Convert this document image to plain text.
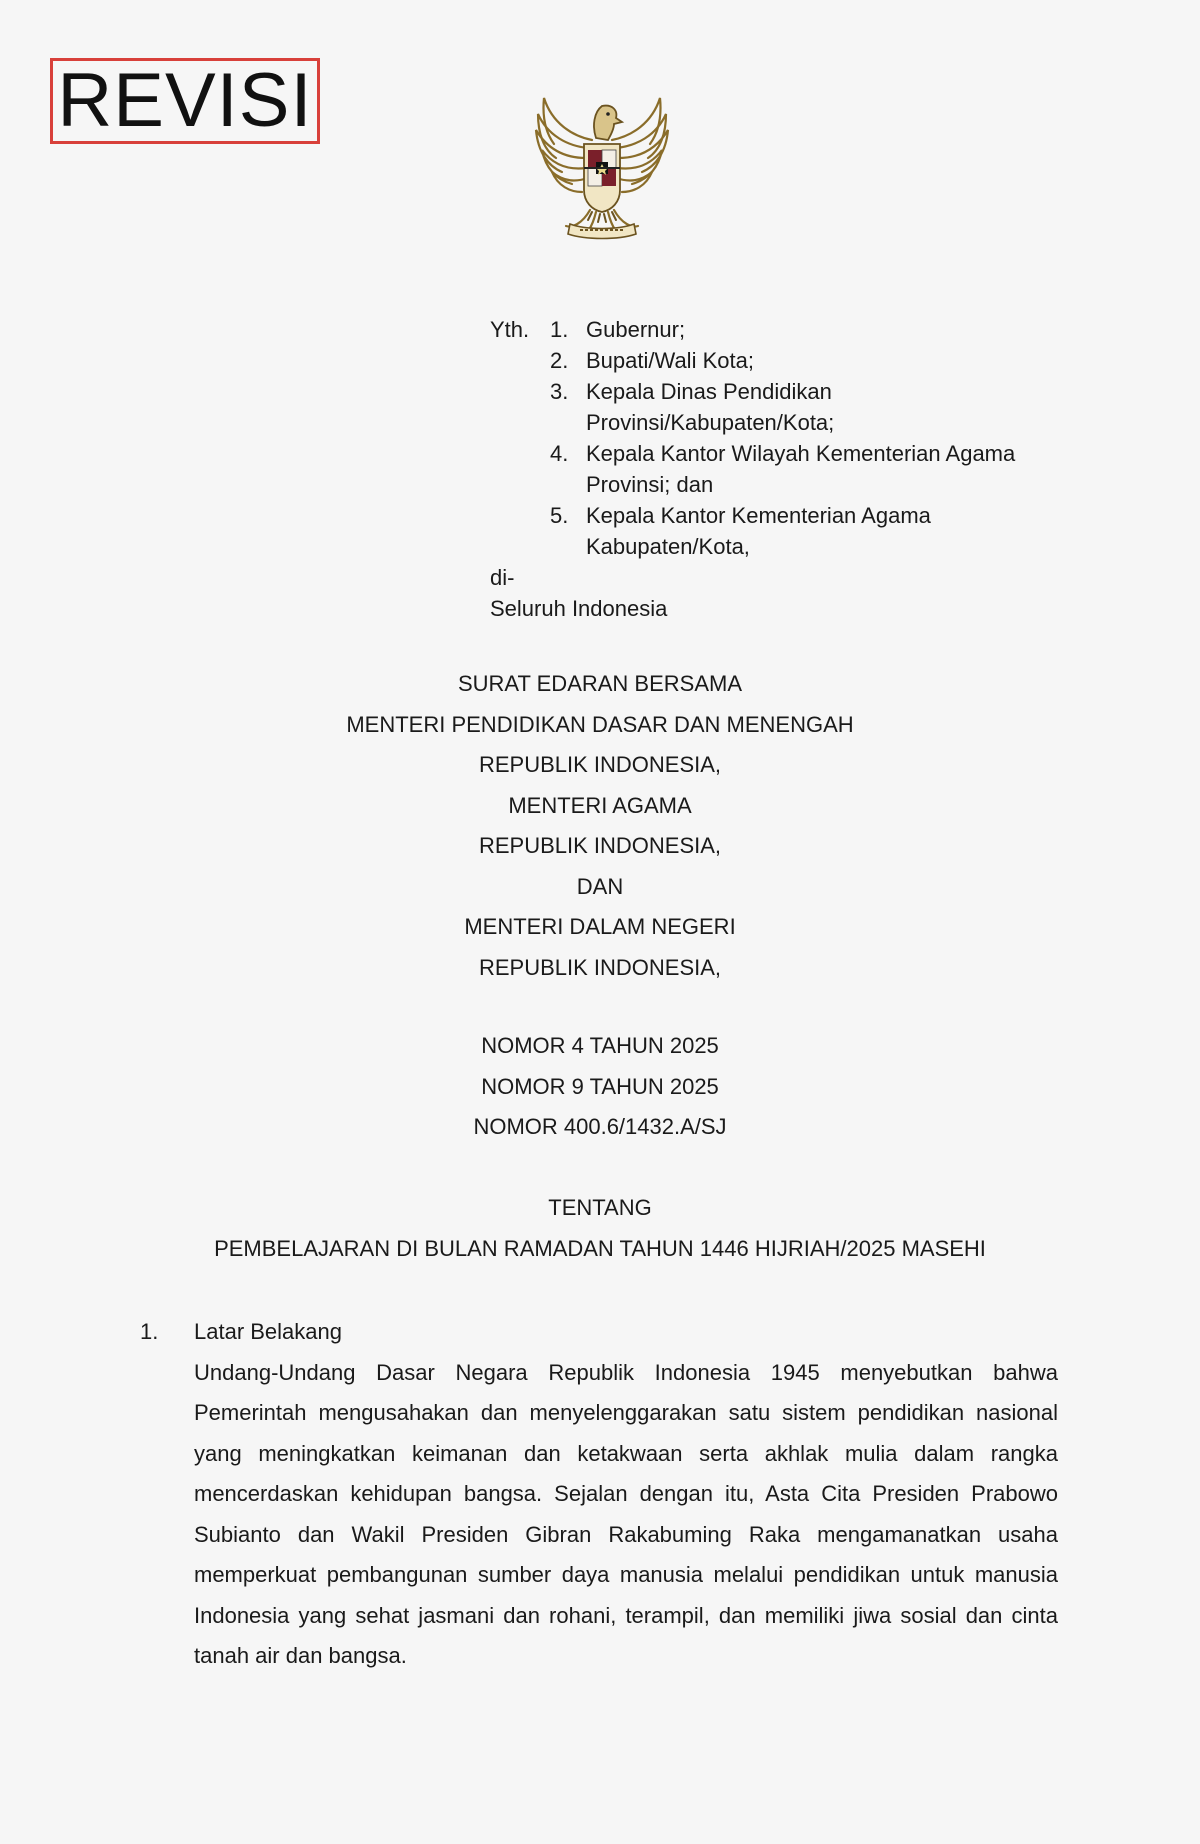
REVISI
Yth. 1. Gubernur;
2. Bupati/Wali Kota;
3. Kepala Dinas Pendidikan
Provinsi/Kabupaten/Kota;
4. Kepala Kantor Wilayah Kementerian Agama
Provinsi; dan
5. Kepala Kantor Kementerian Agama
Kabupaten/Kota,
di-
Seluruh Indonesia

SURAT EDARAN BERSAMA

MENTERI PENDIDIKAN DASAR DAN MENENGAH

REPUBLIK INDONESIA,

MENTERI AGAMA

REPUBLIK INDONESIA,

DAN

MENTERI DALAM NEGERI

REPUBLIK INDONESIA,

NOMOR 4 TAHUN 2025

NOMOR 9 TAHUN 2025

NOMOR 400.6/1432.A/SJ

TENTANG

PEMBELAJARAN DI BULAN RAMADAN TAHUN 1446 HIJRIAH/2025 MASEHI

1. Latar Belakang

Undang-Undang Dasar Negara Republik Indonesia 1945 menyebutkan bahwa Pemerintah mengusahakan dan menyelenggarakan satu sistem pendidikan nasional yang meningkatkan keimanan dan ketakwaan serta akhlak mulia dalam rangka mencerdaskan kehidupan bangsa. Sejalan dengan itu, Asta Cita Presiden Prabowo Subianto dan Wakil Presiden Gibran Rakabuming Raka mengamanatkan usaha memperkuat pembangunan sumber daya manusia melalui pendidikan untuk manusia Indonesia yang sehat jasmani dan rohani, terampil, dan memiliki jiwa sosial dan cinta tanah air dan bangsa.
